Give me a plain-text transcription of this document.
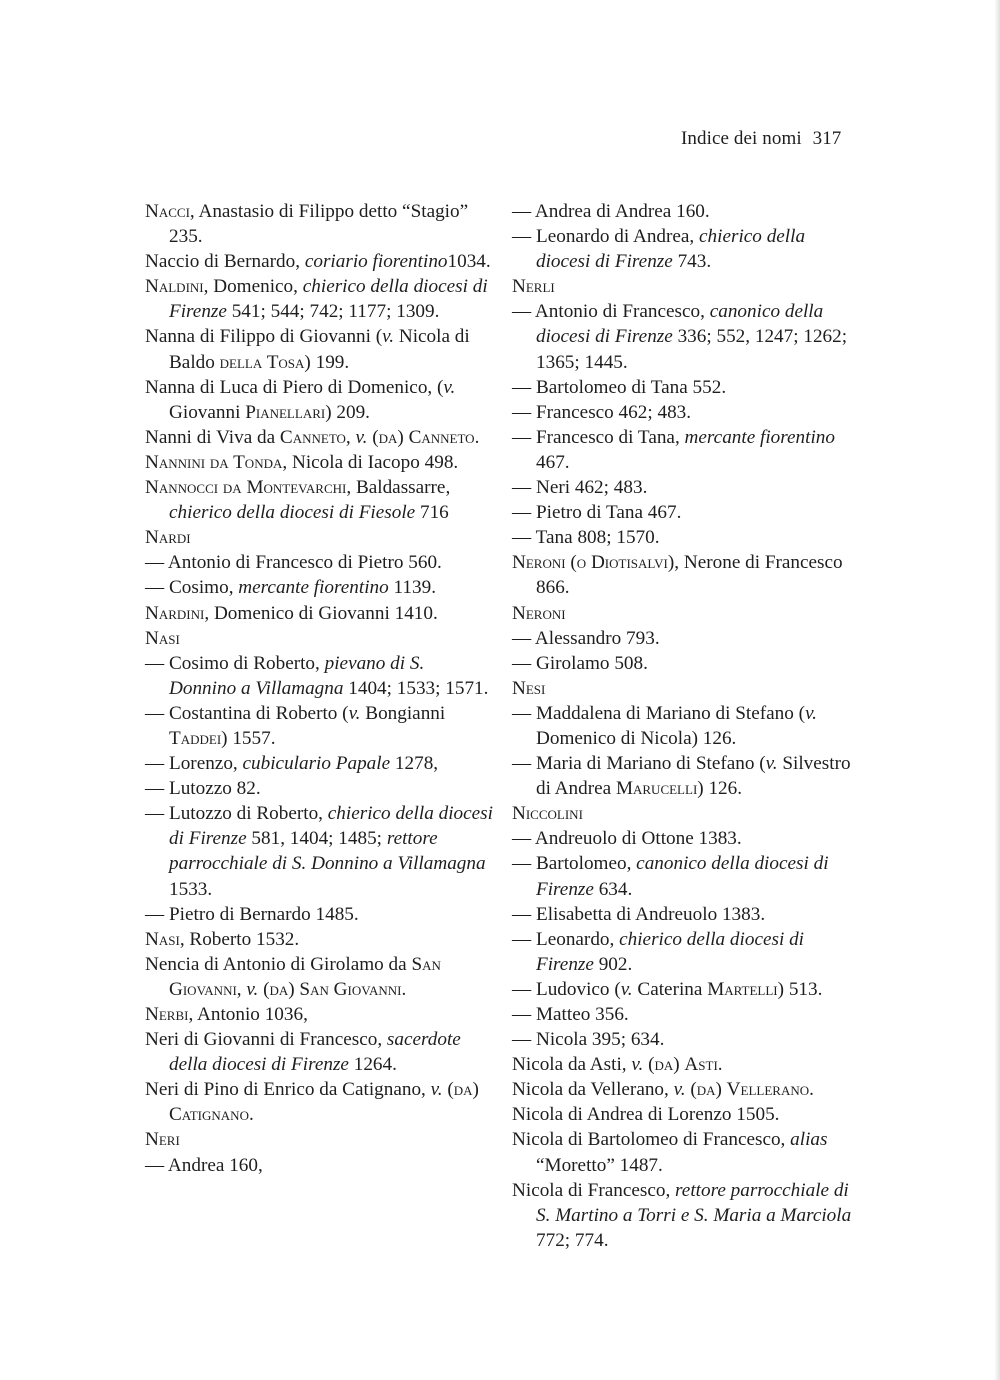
Indice dei nomi 317

Nacci, Anastasio di Filippo detto “Stagio” 235.

Naccio di Bernardo, coriario fiorentino1034.

Naldini, Domenico, chierico della diocesi di Firenze 541; 544; 742; 1177; 1309.

Nanna di Filippo di Giovanni (v. Nicola di Baldo della Tosa) 199.

Nanna di Luca di Piero di Domenico, (v. Giovanni Pianellari) 209.

Nanni di Viva da Canneto, v. (da) Canneto.

Nannini da Tonda, Nicola di Iacopo 498.

Nannocci da Montevarchi, Baldassarre, chierico della diocesi di Fiesole 716

Nardi

— Antonio di Francesco di Pietro 560.

— Cosimo, mercante fiorentino 1139.

Nardini, Domenico di Giovanni 1410.

Nasi

— Cosimo di Roberto, pievano di S. Donnino a Villamagna 1404; 1533; 1571.

— Costantina di Roberto (v. Bongianni Taddei) 1557.

— Lorenzo, cubiculario Papale 1278,

— Lutozzo 82.

— Lutozzo di Roberto, chierico della diocesi di Firenze 581, 1404; 1485; rettore parrocchiale di S. Donnino a Villamagna 1533.

— Pietro di Bernardo 1485.

Nasi, Roberto 1532.

Nencia di Antonio di Girolamo da San Giovanni, v. (da) San Giovanni.

Nerbi, Antonio 1036,

Neri di Giovanni di Francesco, sacerdote della diocesi di Firenze 1264.

Neri di Pino di Enrico da Catignano, v. (da) Catignano.

Neri

— Andrea 160,

— Andrea di Andrea 160.

— Leonardo di Andrea, chierico della diocesi di Firenze 743.

Nerli

— Antonio di Francesco, canonico della diocesi di Firenze 336; 552, 1247; 1262; 1365; 1445.

— Bartolomeo di Tana 552.

— Francesco 462; 483.

— Francesco di Tana, mercante fiorentino 467.

— Neri 462; 483.

— Pietro di Tana 467.

— Tana 808; 1570.

Neroni (o Diotisalvi), Nerone di Francesco 866.

Neroni

— Alessandro 793.

— Girolamo 508.

Nesi

— Maddalena di Mariano di Stefano (v. Domenico di Nicola) 126.

— Maria di Mariano di Stefano (v. Silvestro di Andrea Marucelli) 126.

Niccolini

— Andreuolo di Ottone 1383.

— Bartolomeo, canonico della diocesi di Firenze 634.

— Elisabetta di Andreuolo 1383.

— Leonardo, chierico della diocesi di Firenze 902.

— Ludovico (v. Caterina Martelli) 513.

— Matteo 356.

— Nicola 395; 634.

Nicola da Asti, v. (da) Asti.

Nicola da Vellerano, v. (da) Vellerano.

Nicola di Andrea di Lorenzo 1505.

Nicola di Bartolomeo di Francesco, alias “Moretto” 1487.

Nicola di Francesco, rettore parrocchiale di S. Martino a Torri e S. Maria a Marciola 772; 774.
